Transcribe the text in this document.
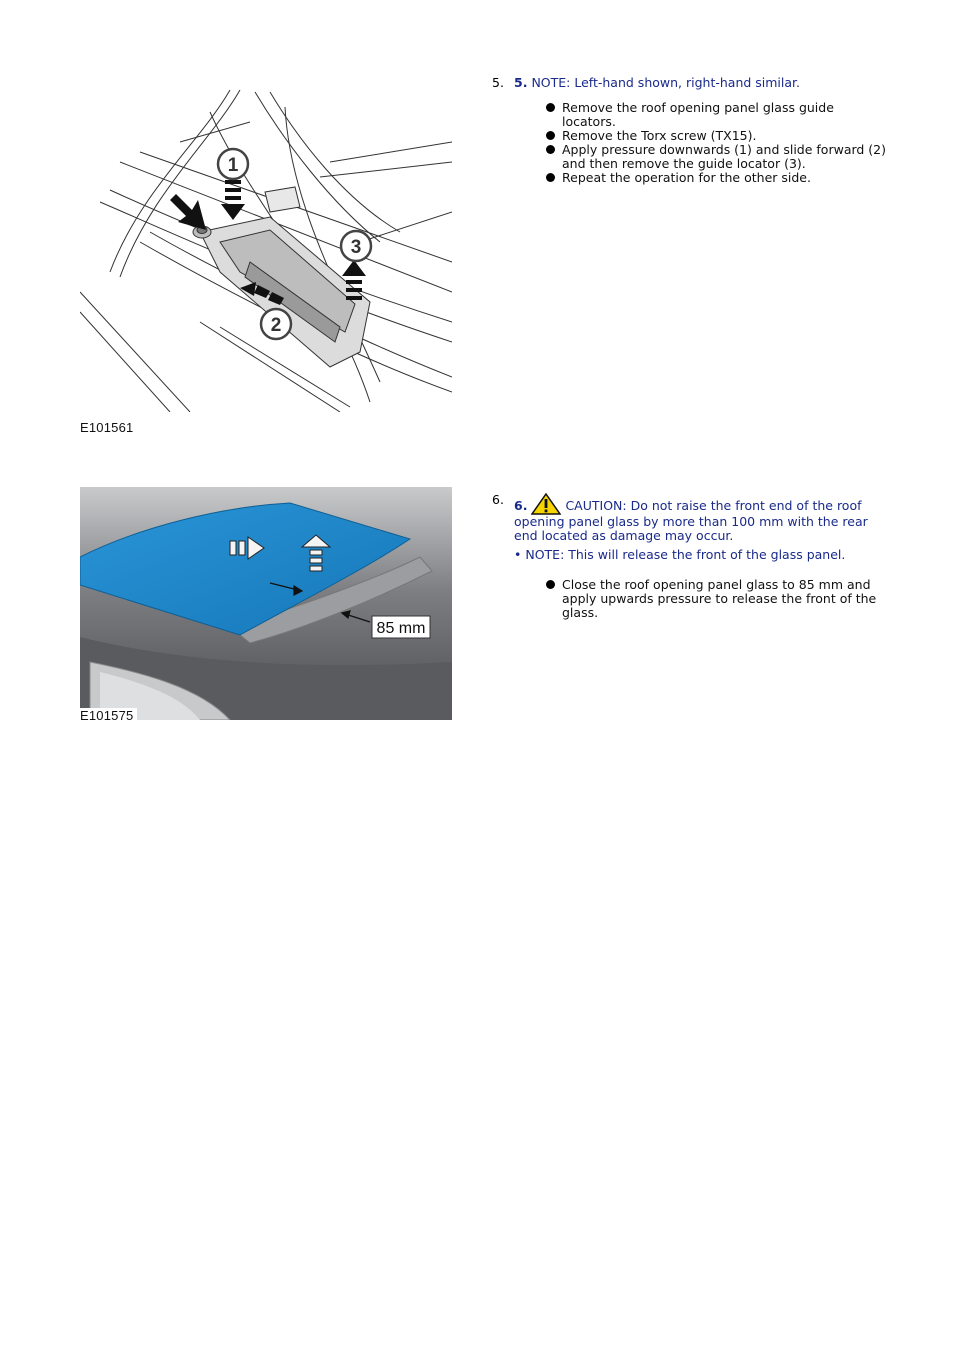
1
3
2
E101561
85 mm
E101575
5. 5. NOTE: Left-hand shown, right-hand similar.
Remove the roof opening panel glass guide locators.
Remove the Torx screw (TX15).
Apply pressure downwards (1) and slide forward (2) and then remove the guide locator (3).
Repeat the operation for the other side.
6. 6.	CAUTION: Do not raise the front end of the roof opening panel glass by more than 100 mm with the rear end located as damage may occur.
• NOTE: This will release the front of the glass panel.
Close the roof opening panel glass to 85 mm and apply upwards pressure to release the front of the glass.
